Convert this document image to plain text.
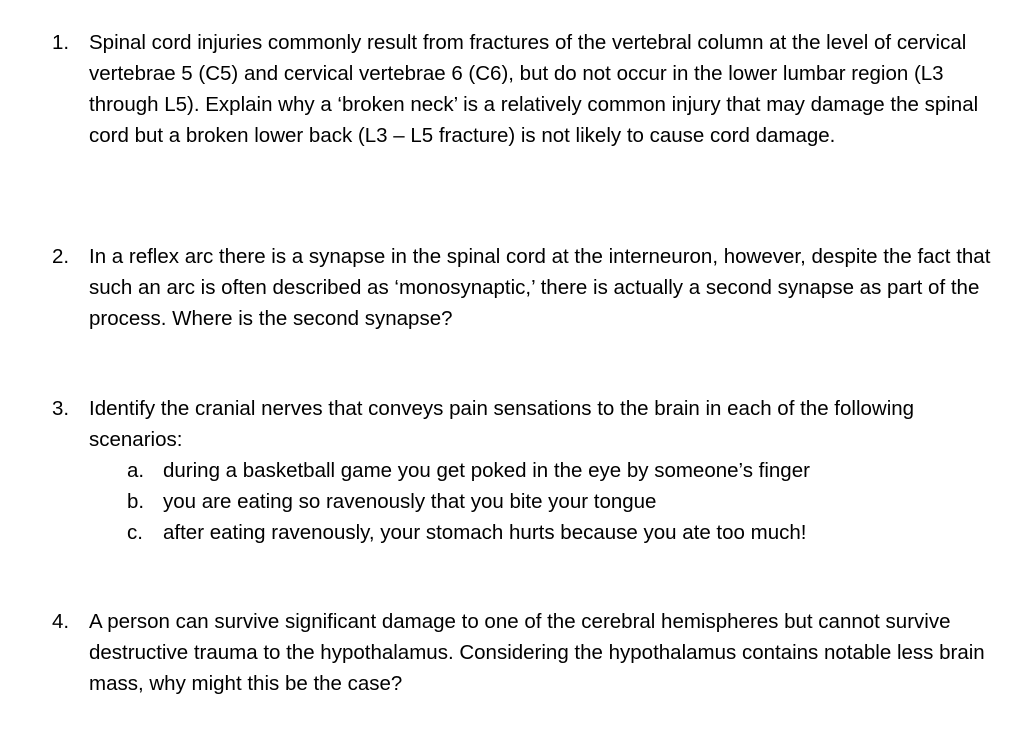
1. Spinal cord injuries commonly result from fractures of the vertebral column at the level of cervical vertebrae 5 (C5) and cervical vertebrae 6 (C6), but do not occur in the lower lumbar region (L3 through L5). Explain why a ‘broken neck’ is a relatively common injury that may damage the spinal cord but a broken lower back (L3 – L5 fracture) is not likely to cause cord damage.
2. In a reflex arc there is a synapse in the spinal cord at the interneuron, however, despite the fact that such an arc is often described as ‘monosynaptic,’ there is actually a second synapse as part of the process. Where is the second synapse?
3. Identify the cranial nerves that conveys pain sensations to the brain in each of the following scenarios:
a. during a basketball game you get poked in the eye by someone’s finger
b. you are eating so ravenously that you bite your tongue
c. after eating ravenously, your stomach hurts because you ate too much!
4. A person can survive significant damage to one of the cerebral hemispheres but cannot survive destructive trauma to the hypothalamus. Considering the hypothalamus contains notable less brain mass, why might this be the case?
